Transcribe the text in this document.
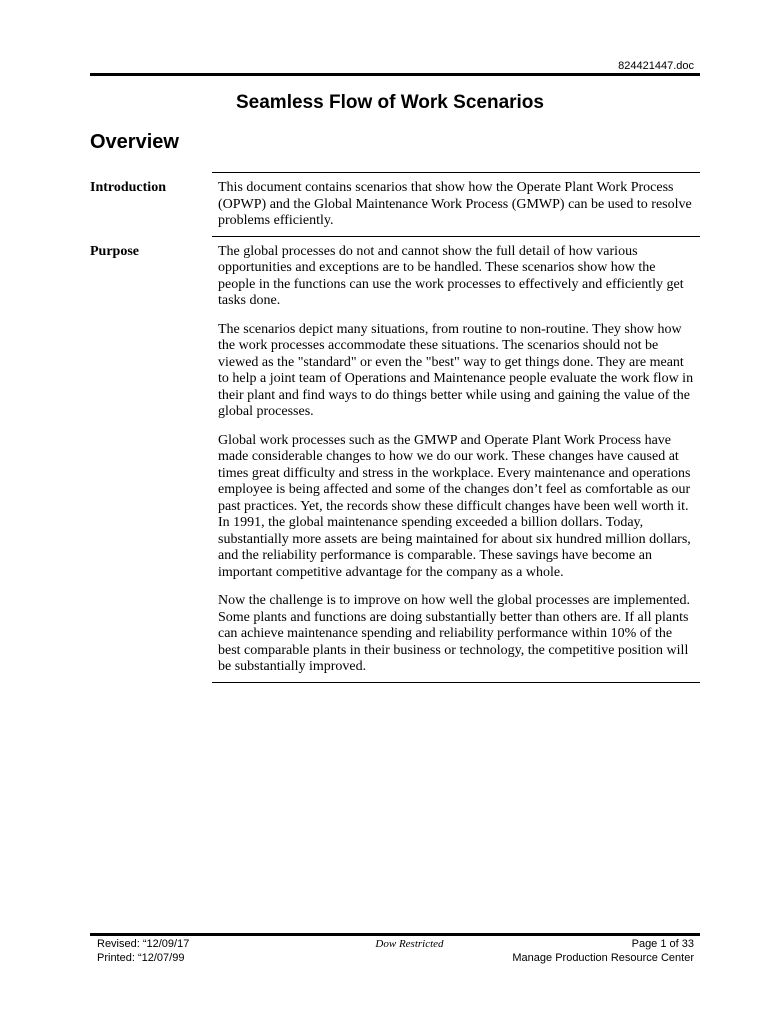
824421447.doc
Seamless Flow of Work Scenarios
Overview
Introduction	This document contains scenarios that show how the Operate Plant Work Process (OPWP) and the Global Maintenance Work Process (GMWP) can be used to resolve problems efficiently.

Purpose	The global processes do not and cannot show the full detail of how various opportunities and exceptions are to be handled. These scenarios show how the people in the functions can use the work processes to effectively and efficiently get tasks done.

The scenarios depict many situations, from routine to non-routine. They show how the work processes accommodate these situations. The scenarios should not be viewed as the "standard" or even the "best" way to get things done. They are meant to help a joint team of Operations and Maintenance people evaluate the work flow in their plant and find ways to do things better while using and gaining the value of the global processes.

Global work processes such as the GMWP and Operate Plant Work Process have made considerable changes to how we do our work. These changes have caused at times great difficulty and stress in the workplace. Every maintenance and operations employee is being affected and some of the changes don’t feel as comfortable as our past practices. Yet, the records show these difficult changes have been well worth it. In 1991, the global maintenance spending exceeded a billion dollars. Today, substantially more assets are being maintained for about six hundred million dollars, and the reliability performance is comparable. These savings have become an important competitive advantage for the company as a whole.

Now the challenge is to improve on how well the global processes are implemented. Some plants and functions are doing substantially better than others are. If all plants can achieve maintenance spending and reliability performance within 10% of the best comparable plants in their business or technology, the competitive position will be substantially improved.

Revised: “12/09/17
Printed: “12/07/99
Dow Restricted	Page 1 of 33
Manage Production Resource Center
